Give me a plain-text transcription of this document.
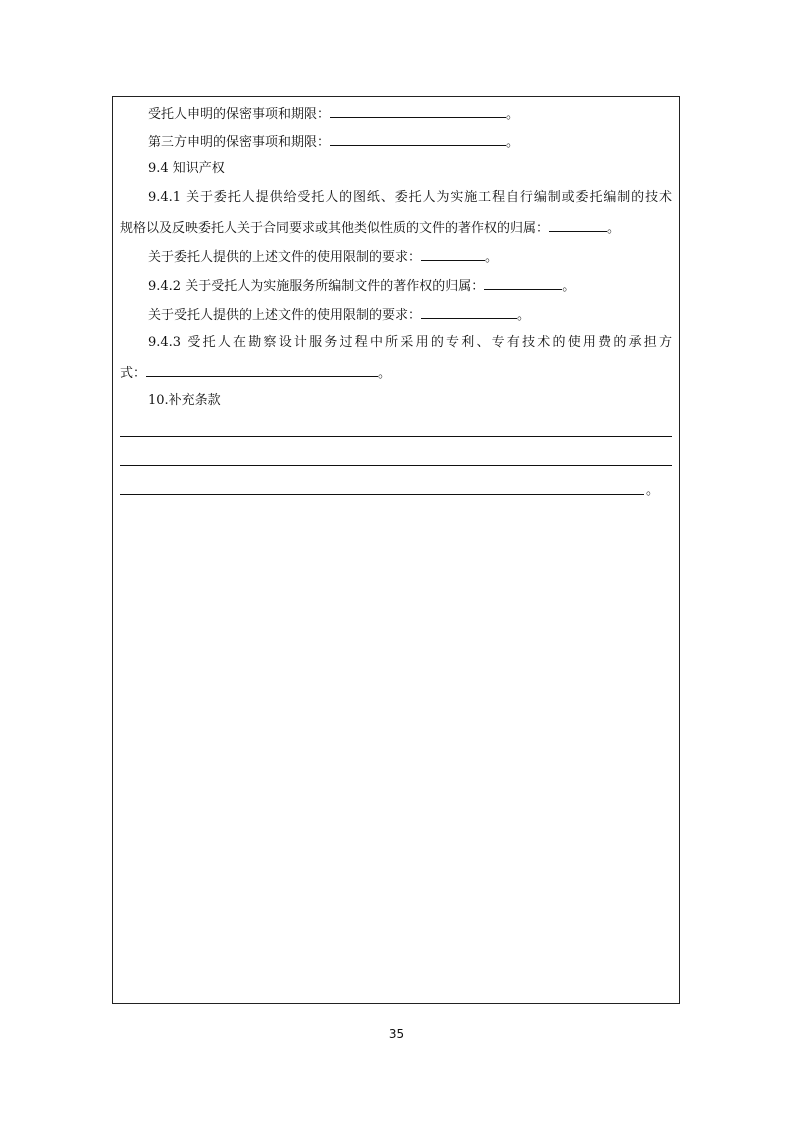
受托人申明的保密事项和期限：	。
第三方申明的保密事项和期限：	。
9.4 知识产权
9.4.1 关于委托人提供给受托人的图纸、委托人为实施工程自行编制或委托编制的技术
规格以及反映委托人关于合同要求或其他类似性质的文件的著作权的归属：	。
关于委托人提供的上述文件的使用限制的要求：	。
9.4.2 关于受托人为实施服务所编制文件的著作权的归属：	。
关于受托人提供的上述文件的使用限制的要求：	。
9.4.3 受托人在勘察设计服务过程中所采用的专利、专有技术的使用费的承担方
式：	。
10.补充条款
。
35
